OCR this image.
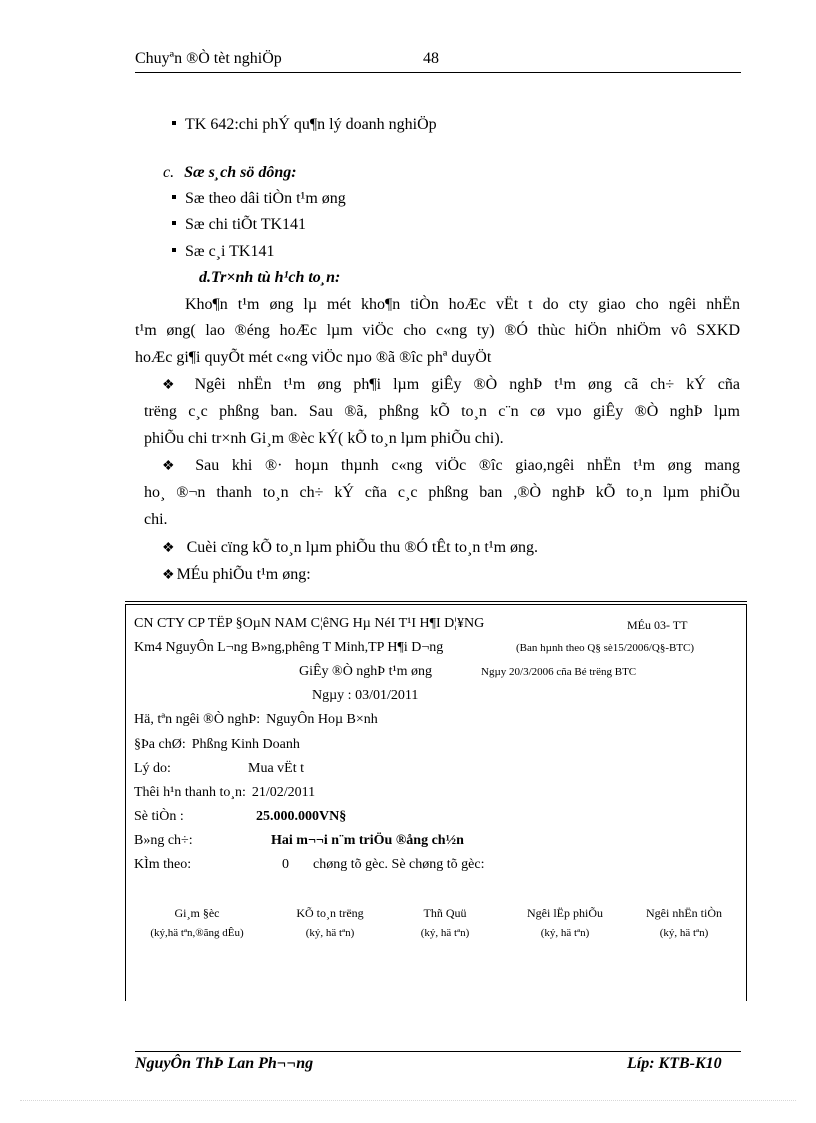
Chuyªn ®Ò tèt nghiÖp	48
TK 642:chi phÝ qu¶n lý doanh nghiÖp
c. Sæ s¸ch sö dông:
Sæ theo dâi tiÒn t¹m øng
Sæ chi tiÕt TK141
Sæ c¸i TK141
d.Tr×nh tù h¹ch to¸n:
Kho¶n t¹m øng lµ mét kho¶n tiÒn hoÆc vËt t do cty giao cho ngêi nhËn
t¹m øng( lao ®éng hoÆc lµm viÖc cho c«ng ty) ®Ó thùc hiÖn nhiÖm vô SXKD
hoÆc gi¶i quyÕt mét c«ng viÖc nµo ®ã ®îc phª duyÖt
❖ Ngêi nhËn t¹m øng ph¶i lµm giÊy ®Ò nghÞ t¹m øng cã ch÷ kÝ cña
trëng c¸c phßng ban. Sau ®ã, phßng kÕ to¸n c¨n cø vµo giÊy ®Ò nghÞ lµm
phiÕu chi tr×nh Gi¸m ®èc kÝ( kÕ to¸n lµm phiÕu chi).
❖ Sau khi ®· hoµn thµnh c«ng viÖc ®îc giao,ngêi nhËn t¹m øng mang
ho¸ ®¬n thanh to¸n ch÷ kÝ cña c¸c phßng ban ,®Ò nghÞ kÕ to¸n lµm phiÕu
chi.
❖ Cuèi cïng kÕ to¸n lµm phiÕu thu ®Ó tÊt to¸n t¹m øng.
❖ MÉu phiÕu t¹m øng:
CN CTY CP TËP §OµN NAM C¦êNG Hµ NéI T¹I H¶I D¦¥NG	MÉu 03- TT
Km4 NguyÔn L¬ng B»ng,phêng T Minh,TP H¶i D¬ng	(Ban hµnh theo Q§ sè15/2006/Q§-BTC)
GiÊy ®Ò nghÞ t¹m øng	Ngµy 20/3/2006 cña Bé trëng BTC
Ngµy : 03/01/2011
Hä, tªn ngêi ®Ò nghÞ: NguyÔn Hoµ B×nh
§Þa chØ: Phßng Kinh Doanh
Lý do:	Mua vËt t
Thêi h¹n thanh to¸n: 21/02/2011
Sè tiÒn :	25.000.000VN§
B»ng ch÷:	Hai m¬¬i n¨m triÖu ®ång ch½n
KÌm theo:	0 chøng tõ gèc. Sè chøng tõ gèc:
Gi¸m §èc
(ký,hä tªn,®ãng dÊu)
KÕ to¸n trëng
(ký, hä tªn)
Thñ Quü
(ký, hä tªn)
Ngêi lËp phiÕu
(ký, hä tªn)
Ngêi nhËn tiÒn
(ký, hä tªn)
NguyÔn ThÞ Lan Ph¬¬ng	Líp: KTB-K10
